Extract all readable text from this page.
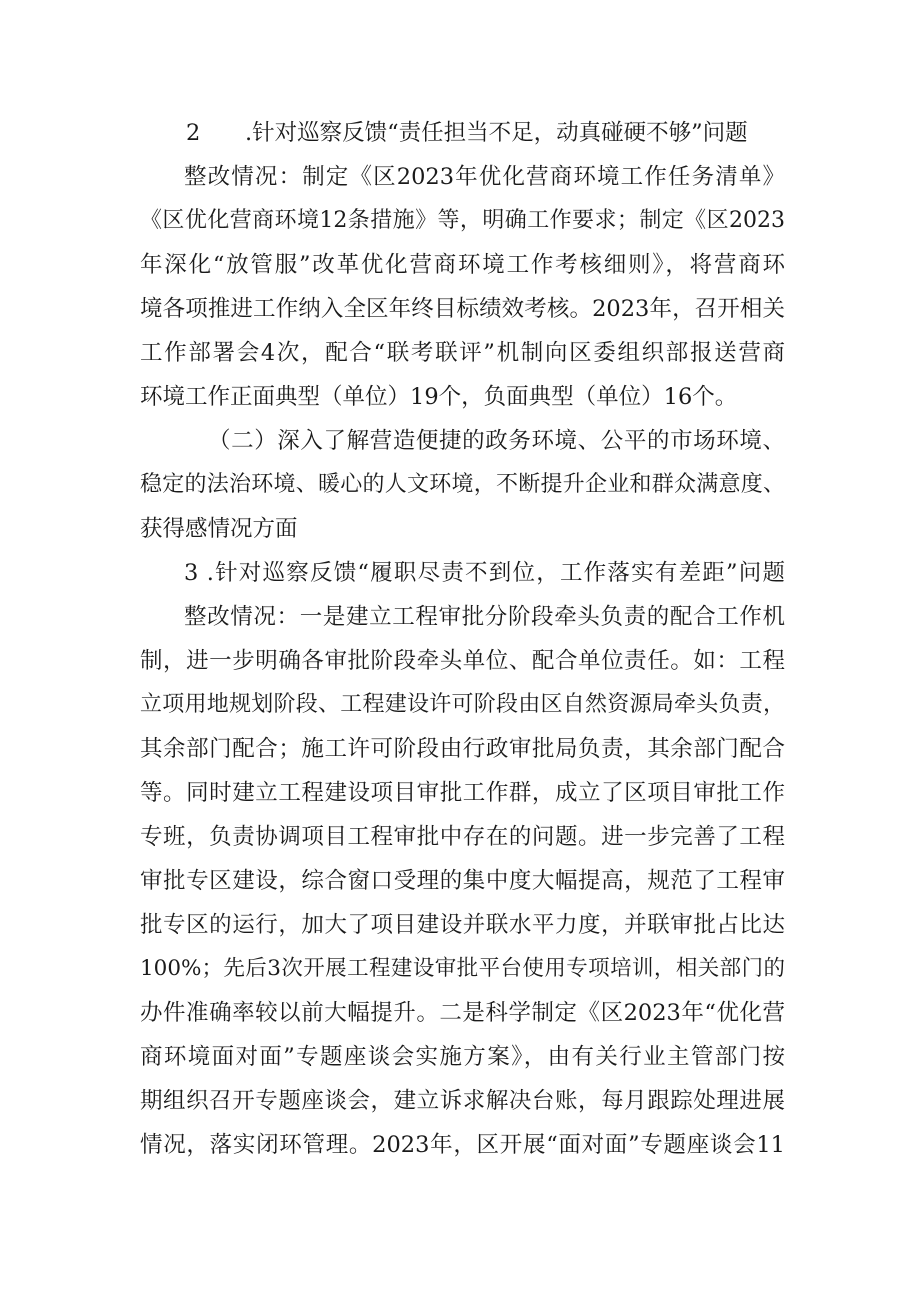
2 .针对巡察反馈“责任担当不足，动真碰硬不够”问题
整改情况：制定《区2023年优化营商环境工作任务清单》
《区优化营商环境12条措施》等，明确工作要求；制定《区2023
年深化“放管服”改革优化营商环境工作考核细则》，将营商环
境各项推进工作纳入全区年终目标绩效考核。2023年，召开相关
工作部署会4次，配合“联考联评”机制向区委组织部报送营商
环境工作正面典型（单位）19个，负面典型（单位）16个。
（二）深入了解营造便捷的政务环境、公平的市场环境、
稳定的法治环境、暖心的人文环境，不断提升企业和群众满意度、
获得感情况方面
3 .针对巡察反馈“履职尽责不到位，工作落实有差距”问题
整改情况：一是建立工程审批分阶段牵头负责的配合工作机
制，进一步明确各审批阶段牵头单位、配合单位责任。如：工程
立项用地规划阶段、工程建设许可阶段由区自然资源局牵头负责，
其余部门配合；施工许可阶段由行政审批局负责，其余部门配合
等。同时建立工程建设项目审批工作群，成立了区项目审批工作
专班，负责协调项目工程审批中存在的问题。进一步完善了工程
审批专区建设，综合窗口受理的集中度大幅提高，规范了工程审
批专区的运行，加大了项目建设并联水平力度，并联审批占比达
100%；先后3次开展工程建设审批平台使用专项培训，相关部门的
办件准确率较以前大幅提升。二是科学制定《区2023年“优化营
商环境面对面”专题座谈会实施方案》，由有关行业主管部门按
期组织召开专题座谈会，建立诉求解决台账，每月跟踪处理进展
情况，落实闭环管理。2023年，区开展“面对面”专题座谈会11
